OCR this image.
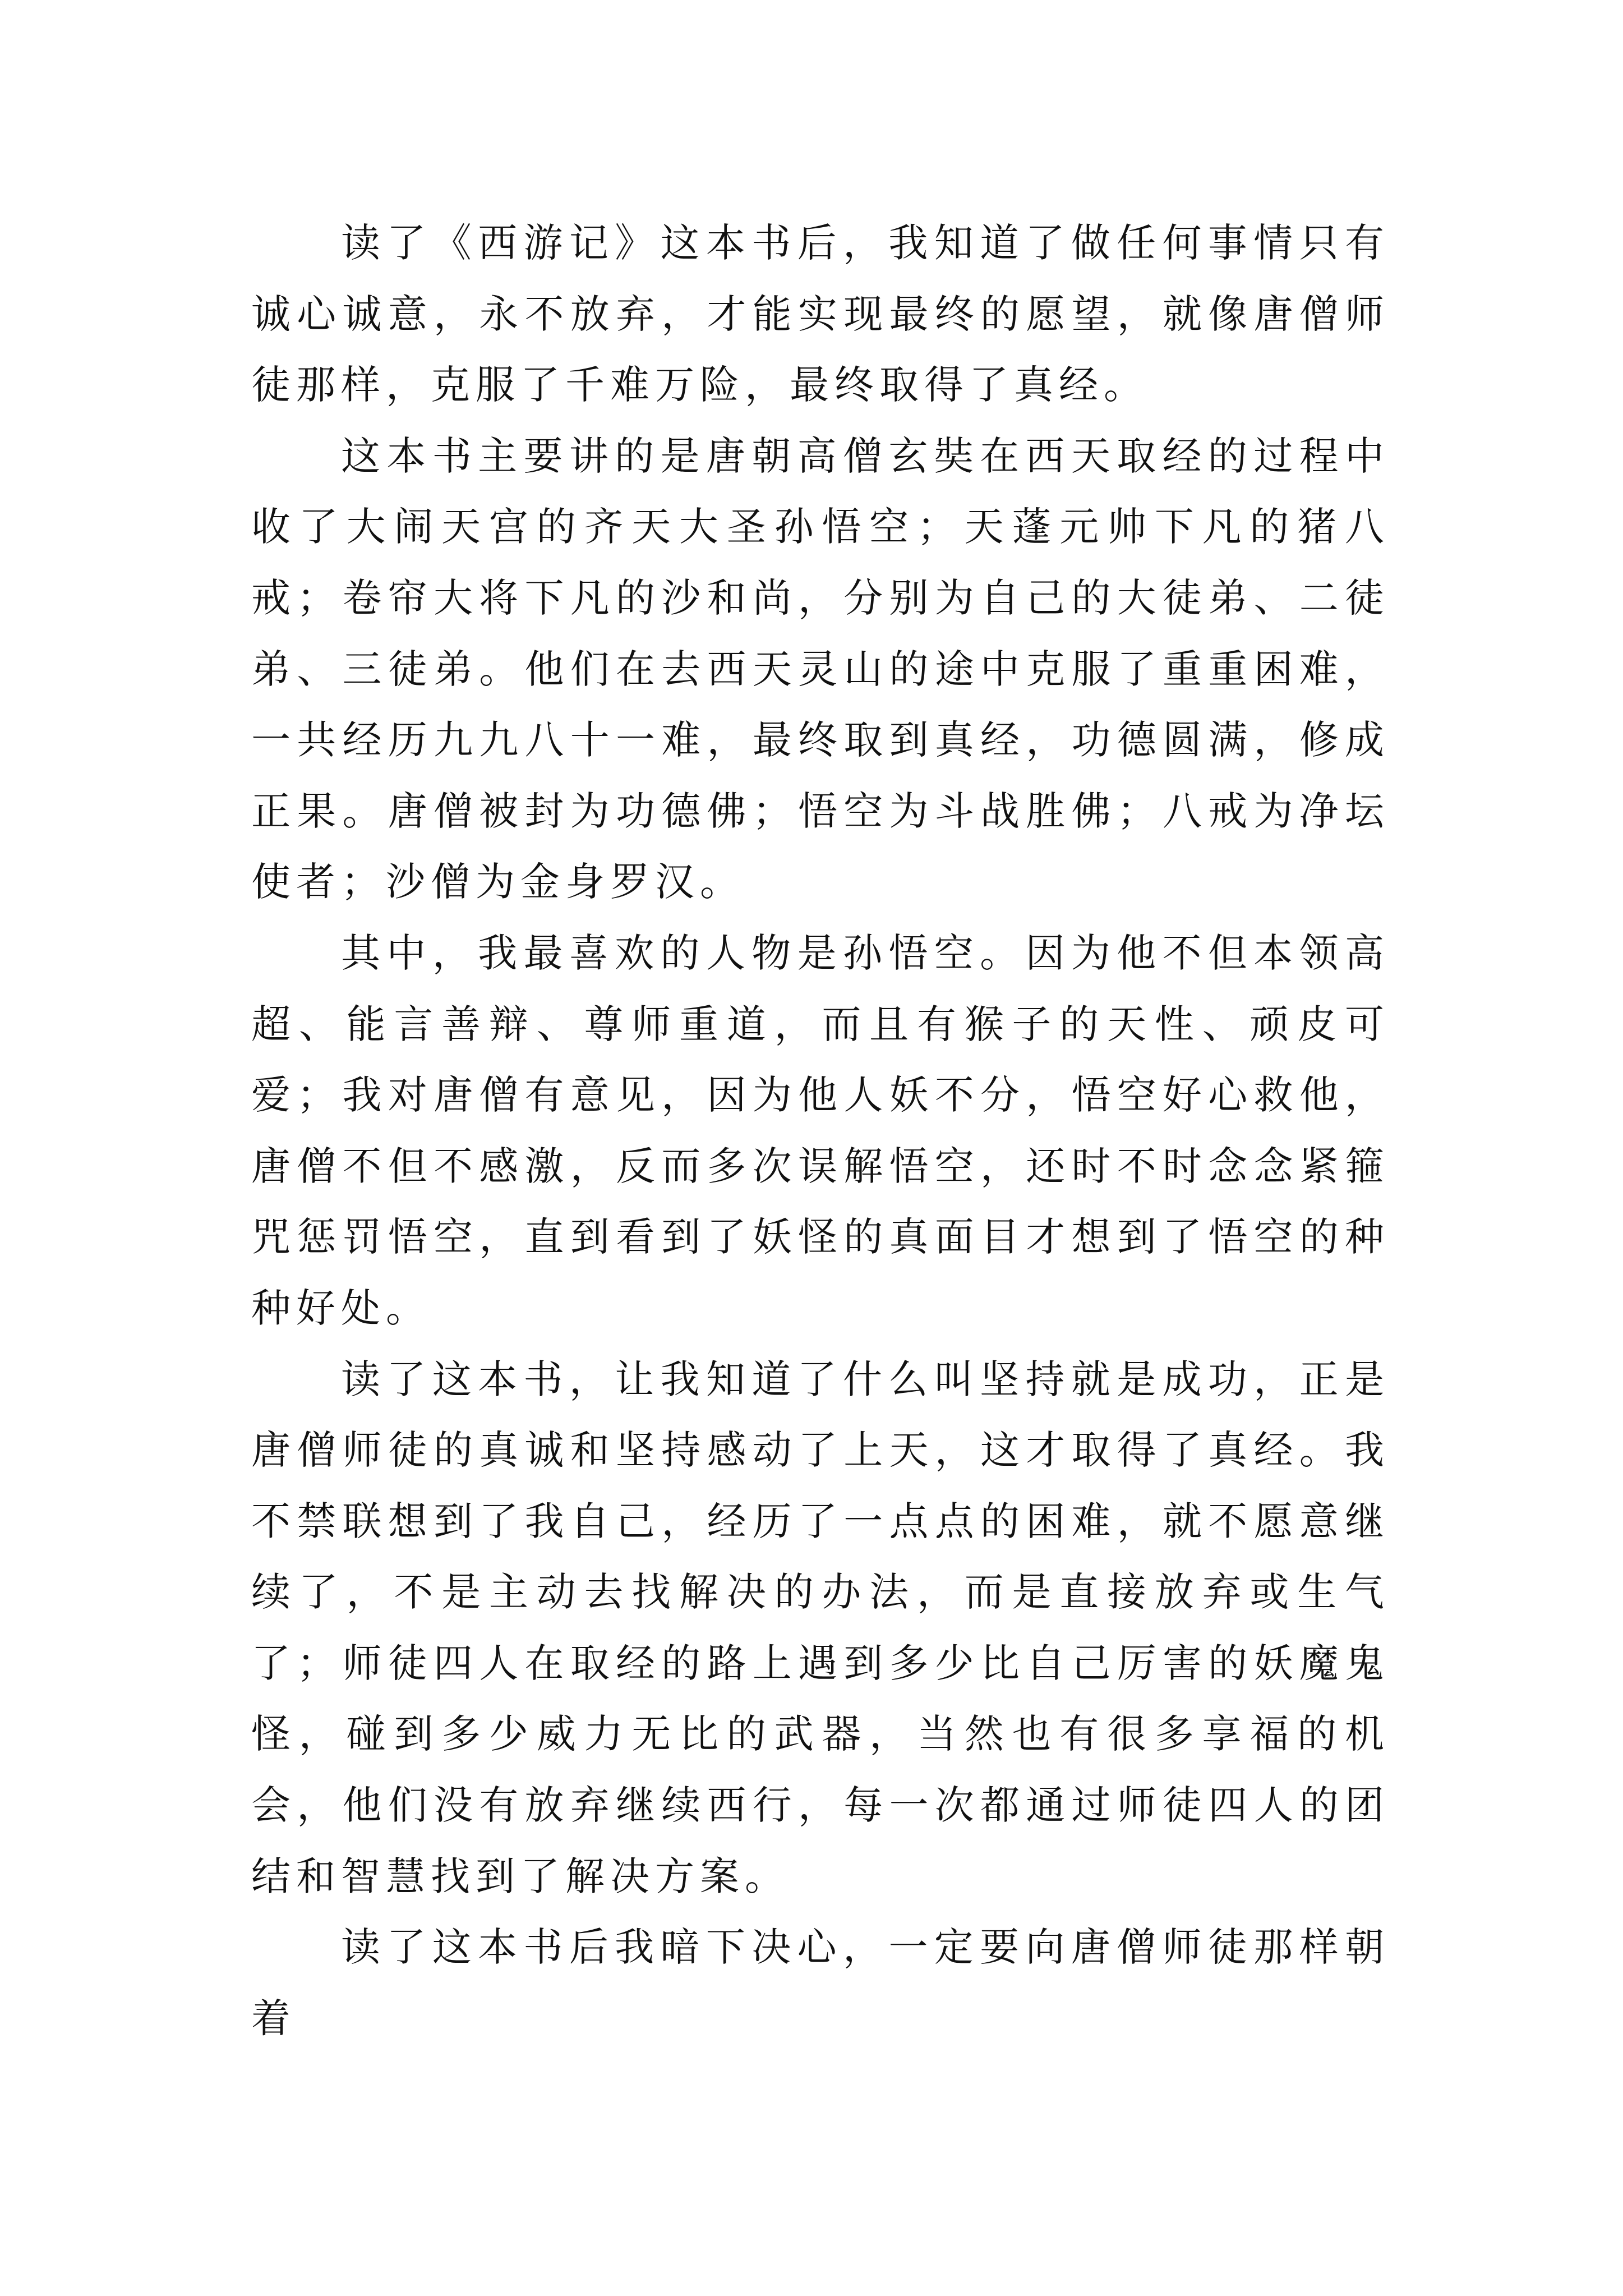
读了《西游记》这本书后，我知道了做任何事情只有诚心诚意，永不放弃，才能实现最终的愿望，就像唐僧师徒那样，克服了千难万险，最终取得了真经。

这本书主要讲的是唐朝高僧玄奘在西天取经的过程中收了大闹天宫的齐天大圣孙悟空；天蓬元帅下凡的猪八戒；卷帘大将下凡的沙和尚，分别为自己的大徒弟、二徒弟、三徒弟。他们在去西天灵山的途中克服了重重困难，一共经历九九八十一难，最终取到真经，功德圆满，修成正果。唐僧被封为功德佛；悟空为斗战胜佛；八戒为净坛使者；沙僧为金身罗汉。

其中，我最喜欢的人物是孙悟空。因为他不但本领高超、能言善辩、尊师重道，而且有猴子的天性、顽皮可爱；我对唐僧有意见，因为他人妖不分，悟空好心救他，唐僧不但不感激，反而多次误解悟空，还时不时念念紧箍咒惩罚悟空，直到看到了妖怪的真面目才想到了悟空的种种好处。

读了这本书，让我知道了什么叫坚持就是成功，正是唐僧师徒的真诚和坚持感动了上天，这才取得了真经。我不禁联想到了我自己，经历了一点点的困难，就不愿意继续了，不是主动去找解决的办法，而是直接放弃或生气了；师徒四人在取经的路上遇到多少比自己厉害的妖魔鬼怪，碰到多少威力无比的武器，当然也有很多享福的机会，他们没有放弃继续西行，每一次都通过师徒四人的团结和智慧找到了解决方案。

读了这本书后我暗下决心，一定要向唐僧师徒那样朝着
